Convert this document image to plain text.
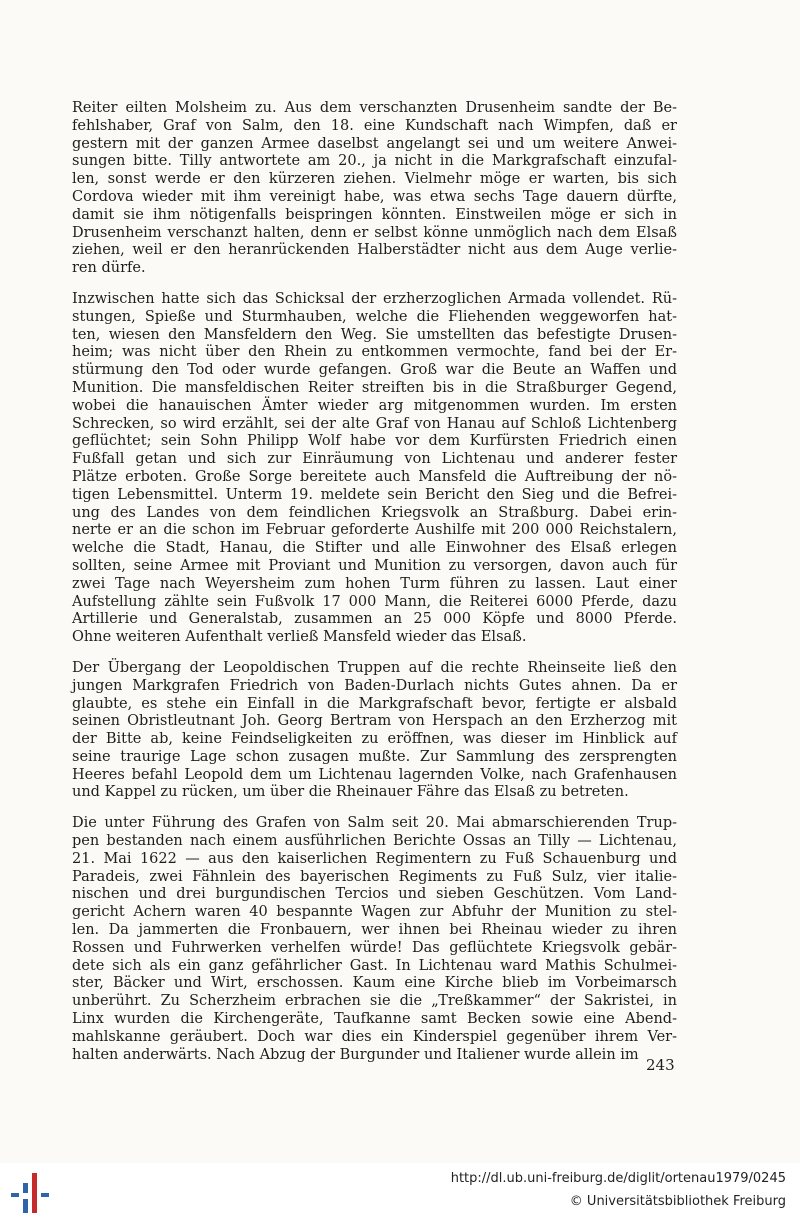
Reiter eilten Molsheim zu. Aus dem verschanzten Drusenheim sandte der Be-
fehlshaber, Graf von Salm, den 18. eine Kundschaft nach Wimpfen, daß er
gestern mit der ganzen Armee daselbst angelangt sei und um weitere Anwei-
sungen bitte. Tilly antwortete am 20., ja nicht in die Markgrafschaft einzufal-
len, sonst werde er den kürzeren ziehen. Vielmehr möge er warten, bis sich
Cordova wieder mit ihm vereinigt habe, was etwa sechs Tage dauern dürfte,
damit sie ihm nötigenfalls beispringen könnten. Einstweilen möge er sich in
Drusenheim verschanzt halten, denn er selbst könne unmöglich nach dem Elsaß
ziehen, weil er den heranrückenden Halberstädter nicht aus dem Auge verlie-
ren dürfe.
Inzwischen hatte sich das Schicksal der erzherzoglichen Armada vollendet. Rü-
stungen, Spieße und Sturmhauben, welche die Fliehenden weggeworfen hat-
ten, wiesen den Mansfeldern den Weg. Sie umstellten das befestigte Drusen-
heim; was nicht über den Rhein zu entkommen vermochte, fand bei der Er-
stürmung den Tod oder wurde gefangen. Groß war die Beute an Waffen und
Munition. Die mansfeldischen Reiter streiften bis in die Straßburger Gegend,
wobei die hanauischen Ämter wieder arg mitgenommen wurden. Im ersten
Schrecken, so wird erzählt, sei der alte Graf von Hanau auf Schloß Lichtenberg
geflüchtet; sein Sohn Philipp Wolf habe vor dem Kurfürsten Friedrich einen
Fußfall getan und sich zur Einräumung von Lichtenau und anderer fester
Plätze erboten. Große Sorge bereitete auch Mansfeld die Auftreibung der nö-
tigen Lebensmittel. Unterm 19. meldete sein Bericht den Sieg und die Befrei-
ung des Landes von dem feindlichen Kriegsvolk an Straßburg. Dabei erin-
nerte er an die schon im Februar geforderte Aushilfe mit 200 000 Reichstalern,
welche die Stadt, Hanau, die Stifter und alle Einwohner des Elsaß erlegen
sollten, seine Armee mit Proviant und Munition zu versorgen, davon auch für
zwei Tage nach Weyersheim zum hohen Turm führen zu lassen. Laut einer
Aufstellung zählte sein Fußvolk 17 000 Mann, die Reiterei 6000 Pferde, dazu
Artillerie und Generalstab, zusammen an 25 000 Köpfe und 8000 Pferde.
Ohne weiteren Aufenthalt verließ Mansfeld wieder das Elsaß.
Der Übergang der Leopoldischen Truppen auf die rechte Rheinseite ließ den
jungen Markgrafen Friedrich von Baden-Durlach nichts Gutes ahnen. Da er
glaubte, es stehe ein Einfall in die Markgrafschaft bevor, fertigte er alsbald
seinen Obristleutnant Joh. Georg Bertram von Herspach an den Erzherzog mit
der Bitte ab, keine Feindseligkeiten zu eröffnen, was dieser im Hinblick auf
seine traurige Lage schon zusagen mußte. Zur Sammlung des zersprengten
Heeres befahl Leopold dem um Lichtenau lagernden Volke, nach Grafenhausen
und Kappel zu rücken, um über die Rheinauer Fähre das Elsaß zu betreten.
Die unter Führung des Grafen von Salm seit 20. Mai abmarschierenden Trup-
pen bestanden nach einem ausführlichen Berichte Ossas an Tilly — Lichtenau,
21. Mai 1622 — aus den kaiserlichen Regimentern zu Fuß Schauenburg und
Paradeis, zwei Fähnlein des bayerischen Regiments zu Fuß Sulz, vier italie-
nischen und drei burgundischen Tercios und sieben Geschützen. Vom Land-
gericht Achern waren 40 bespannte Wagen zur Abfuhr der Munition zu stel-
len. Da jammerten die Fronbauern, wer ihnen bei Rheinau wieder zu ihren
Rossen und Fuhrwerken verhelfen würde! Das geflüchtete Kriegsvolk gebär-
dete sich als ein ganz gefährlicher Gast. In Lichtenau ward Mathis Schulmei-
ster, Bäcker und Wirt, erschossen. Kaum eine Kirche blieb im Vorbeimarsch
unberührt. Zu Scherzheim erbrachen sie die „Treßkammer“ der Sakristei, in
Linx wurden die Kirchengeräte, Taufkanne samt Becken sowie eine Abend-
mahlskanne geräubert. Doch war dies ein Kinderspiel gegenüber ihrem Ver-
halten anderwärts. Nach Abzug der Burgunder und Italiener wurde allein im
243
http://dl.ub.uni-freiburg.de/diglit/ortenau1979/0245
© Universitätsbibliothek Freiburg
